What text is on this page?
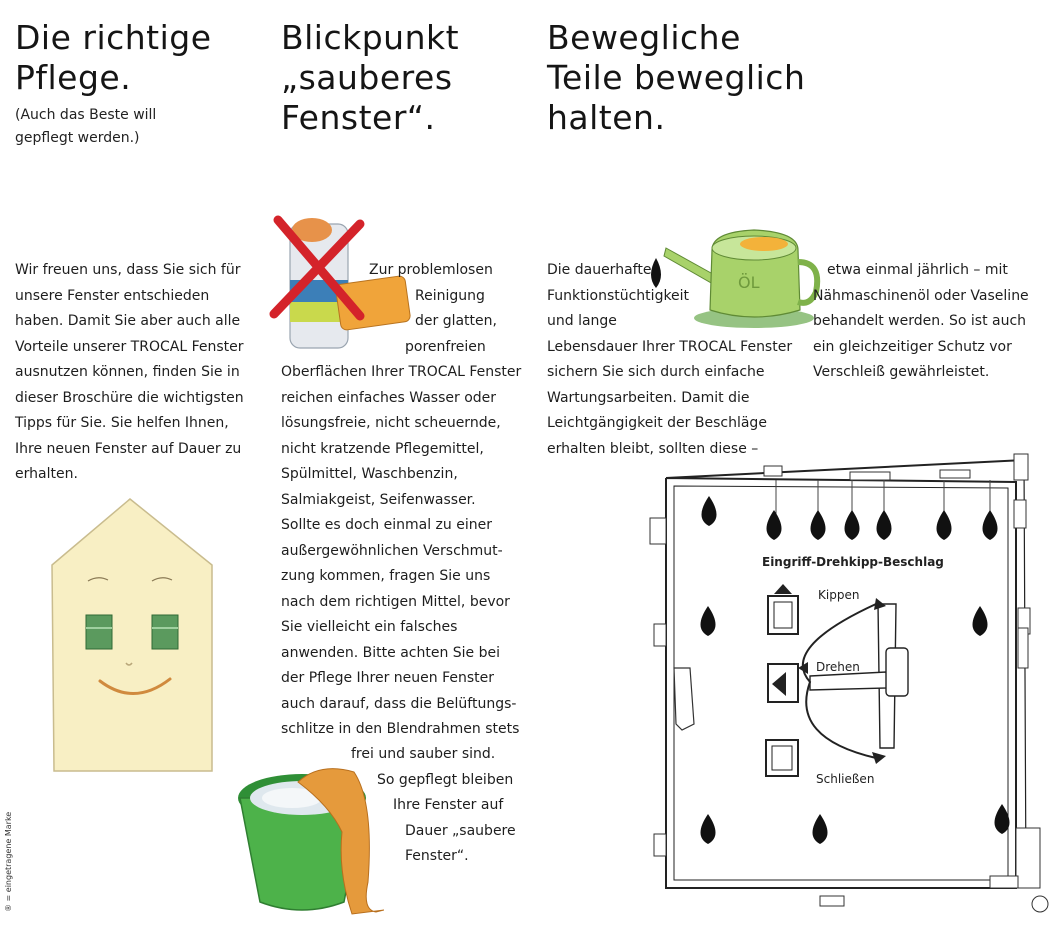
Die richtige
Pflege.
(Auch das Beste will
gepflegt werden.)
Wir freuen uns, dass Sie sich für
unsere Fenster entschieden
haben. Damit Sie aber auch alle
Vorteile unserer TROCAL Fenster
ausnutzen können, finden Sie in
dieser Broschüre die wichtigsten
Tipps für Sie. Sie helfen Ihnen,
Ihre neuen Fenster auf Dauer zu
erhalten.
® = eingetragene Marke
Blickpunkt
„sauberes
Fenster“.
Zur problemlosen
Reinigung
der glatten,
porenfreien
Oberflächen Ihrer TROCAL Fenster
reichen einfaches Wasser oder
lösungsfreie, nicht scheuernde,
nicht kratzende Pflegemittel,
Spülmittel, Waschbenzin,
Salmiakgeist, Seifenwasser.
Sollte es doch einmal zu einer
außergewöhnlichen Verschmut-
zung kommen, fragen Sie uns
nach dem richtigen Mittel, bevor
Sie vielleicht ein falsches
anwenden. Bitte achten Sie bei
der Pflege Ihrer neuen Fenster
auch darauf, dass die Belüftungs-
schlitze in den Blendrahmen stets
frei und sauber sind.
So gepflegt bleiben
Ihre Fenster auf
Dauer „saubere
Fenster“.
Bewegliche
Teile beweglich
halten.
ÖL
Die dauerhafte
Funktionstüchtigkeit
und lange
Lebensdauer Ihrer TROCAL Fenster
sichern Sie sich durch einfache
Wartungsarbeiten. Damit die
Leichtgängigkeit der Beschläge
erhalten bleibt, sollten diese –
etwa einmal jährlich – mit
Nähmaschinenöl oder Vaseline
behandelt werden. So ist auch
ein gleichzeitiger Schutz vor
Verschleiß gewährleistet.
Eingriff-Drehkipp-Beschlag
Kippen
Drehen
Schließen
